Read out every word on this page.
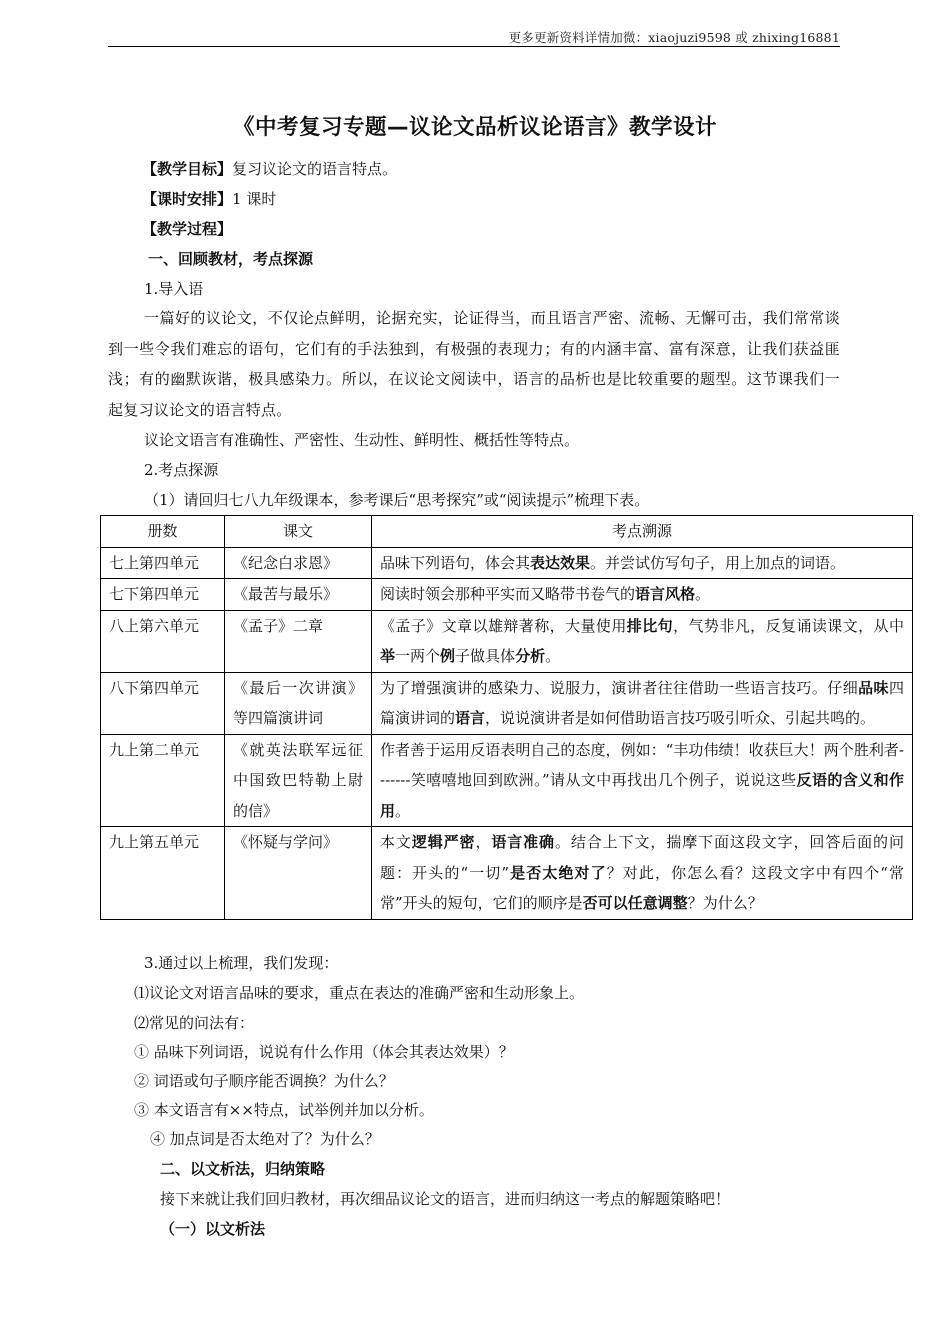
更多更新资料详情加微：xiaojuzi9598 或 zhixing16881
《中考复习专题—议论文品析议论语言》教学设计
【教学目标】复习议论文的语言特点。
【课时安排】1 课时
【教学过程】
一、回顾教材，考点探源
1.导入语
一篇好的议论文，不仅论点鲜明，论据充实，论证得当，而且语言严密、流畅、无懈可击，我们常常谈到一些令我们难忘的语句，它们有的手法独到，有极强的表现力；有的内涵丰富、富有深意，让我们获益匪浅；有的幽默诙谐，极具感染力。所以，在议论文阅读中，语言的品析也是比较重要的题型。这节课我们一起复习议论文的语言特点。
议论文语言有准确性、严密性、生动性、鲜明性、概括性等特点。
2.考点探源
（1）请回归七八九年级课本，参考课后“思考探究”或“阅读提示”梳理下表。
册数	课文	考点溯源
七上第四单元	《纪念白求恩》	品味下列语句，体会其表达效果。并尝试仿写句子，用上加点的词语。
七下第四单元	《最苦与最乐》	阅读时领会那种平实而又略带书卷气的语言风格。
八上第六单元	《孟子》二章	《孟子》文章以雄辩著称，大量使用排比句，气势非凡，反复诵读课文，从中举一两个例子做具体分析。
八下第四单元	《最后一次讲演》等四篇演讲词	为了增强演讲的感染力、说服力，演讲者往往借助一些语言技巧。仔细品味四篇演讲词的语言，说说演讲者是如何借助语言技巧吸引听众、引起共鸣的。
九上第二单元	《就英法联军远征中国致巴特勒上尉的信》	作者善于运用反语表明自己的态度，例如：“丰功伟绩！收获巨大！两个胜利者-------笑嘻嘻地回到欧洲。”请从文中再找出几个例子，说说这些反语的含义和作用。
九上第五单元	《怀疑与学问》	本文逻辑严密，语言准确。结合上下文，揣摩下面这段文字，回答后面的问题：开头的“一切”是否太绝对了？对此，你怎么看？这段文字中有四个“常常”开头的短句，它们的顺序是否可以任意调整？为什么？
3.通过以上梳理，我们发现：
⑴议论文对语言品味的要求，重点在表达的准确严密和生动形象上。
⑵常见的问法有：
① 品味下列词语，说说有什么作用（体会其表达效果）？
② 词语或句子顺序能否调换？为什么？
③ 本文语言有××特点，试举例并加以分析。
④ 加点词是否太绝对了？为什么？
二、以文析法，归纳策略
接下来就让我们回归教材，再次细品议论文的语言，进而归纳这一考点的解题策略吧！
（一）以文析法
